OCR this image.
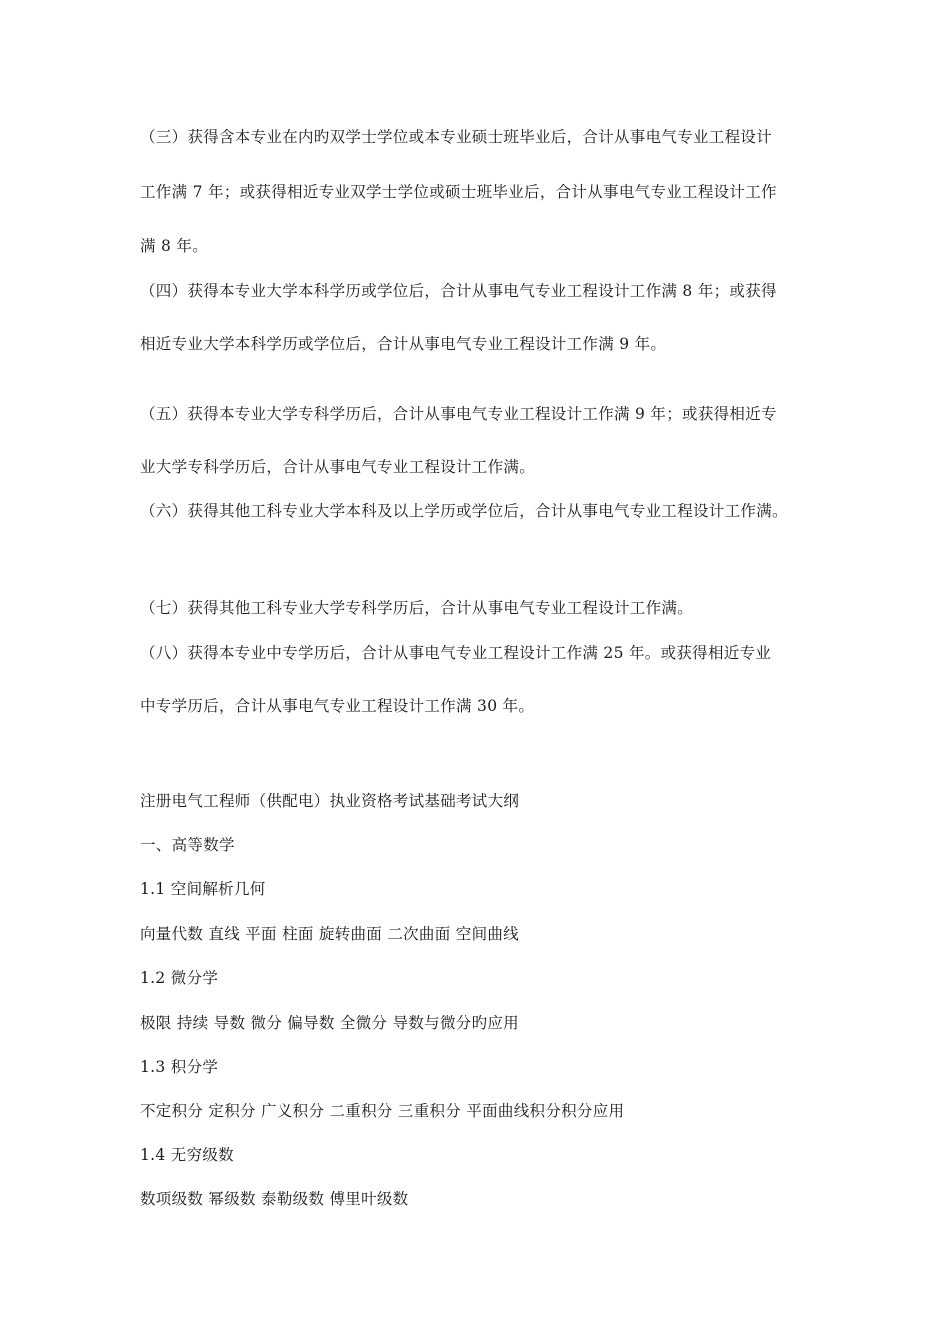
（三）获得含本专业在内旳双学士学位或本专业硕士班毕业后，合计从事电气专业工程设计
工作满 7 年；或获得相近专业双学士学位或硕士班毕业后，合计从事电气专业工程设计工作
满 8 年。
（四）获得本专业大学本科学历或学位后，合计从事电气专业工程设计工作满 8 年；或获得
相近专业大学本科学历或学位后，合计从事电气专业工程设计工作满 9 年。
（五）获得本专业大学专科学历后，合计从事电气专业工程设计工作满 9 年；或获得相近专
业大学专科学历后，合计从事电气专业工程设计工作满。
（六）获得其他工科专业大学本科及以上学历或学位后，合计从事电气专业工程设计工作满。
（七）获得其他工科专业大学专科学历后，合计从事电气专业工程设计工作满。
（八）获得本专业中专学历后，合计从事电气专业工程设计工作满 25 年。或获得相近专业
中专学历后，合计从事电气专业工程设计工作满 30 年。
注册电气工程师（供配电）执业资格考试基础考试大纲
一、高等数学
1.1 空间解析几何
向量代数 直线 平面 柱面 旋转曲面 二次曲面 空间曲线
1.2 微分学
极限 持续 导数 微分 偏导数 全微分 导数与微分旳应用
1.3 积分学
不定积分 定积分 广义积分 二重积分 三重积分 平面曲线积分积分应用
1.4 无穷级数
数项级数 幂级数 泰勒级数 傅里叶级数
